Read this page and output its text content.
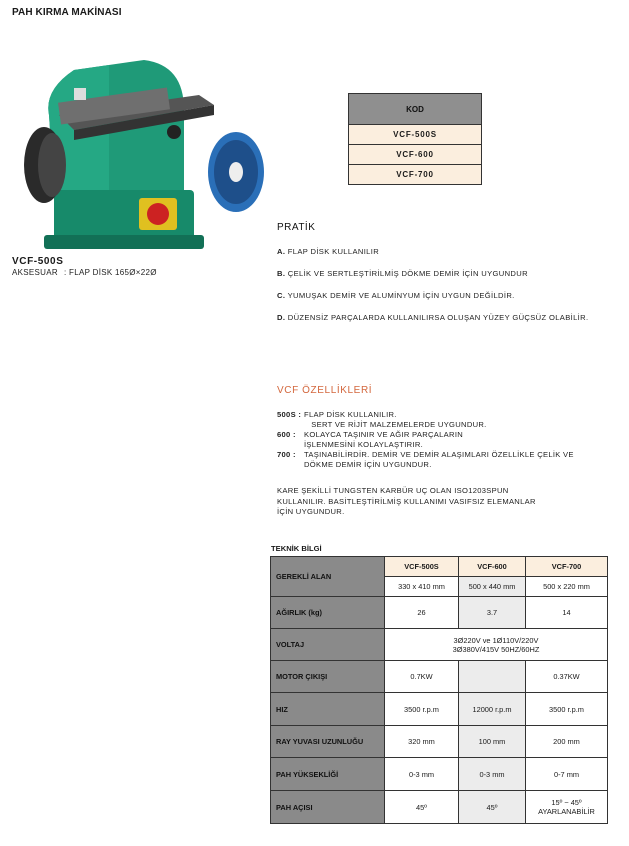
PAH KIRMA MAKİNASI
VCF-500S
AKSESUAR : FLAP DİSK 165Ø×22Ø
KOD
VCF-500S
VCF-600
VCF-700
PRATİK
A. FLAP DİSK KULLANILIR
B. ÇELİK VE SERTLEŞTİRİLMİŞ DÖKME DEMİR İÇİN UYGUNDUR
C. YUMUŞAK DEMİR VE ALUMİNYUM İÇİN UYGUN DEĞİLDİR.
D. DÜZENSİZ PARÇALARDA KULLANILIRSA OLUŞAN YÜZEY GÜÇSÜZ OLABİLİR.
VCF ÖZELLİKLERİ
500S : FLAP DİSK KULLANILIR.
SERT VE RİJİT MALZEMELERDE UYGUNDUR.
600 :	KOLAYCA TAŞINIR VE AĞIR PARÇALARIN
İŞLENMESİNİ KOLAYLAŞTIRIR.
700 :	TAŞINABİLİRDİR. DEMİR VE DEMİR ALAŞIMLARI ÖZELLİKLE ÇELİK VE
DÖKME DEMİR İÇİN UYGUNDUR.
KARE ŞEKİLLİ TUNGSTEN KARBÜR UÇ OLAN ISO1203SPUN
KULLANILIR. BASİTLEŞTİRİLMİŞ KULLANIMI VASIFSIZ ELEMANLAR
İÇİN UYGUNDUR.
TEKNİK BİLGİ
GEREKLİ ALAN	VCF-500S	VCF-600	VCF-700
	330 x 410 mm	500 x 440 mm	500 x 220 mm
AĞIRLIK (kg)	26	3.7	14
VOLTAJ	3Ø220V ve 1Ø110V/220V
3Ø380V/415V 50HZ/60HZ		
MOTOR ÇIKIŞI	0.7KW		0.37KW
HIZ	3500 r.p.m	12000 r.p.m	3500 r.p.m
RAY YUVASI UZUNLUĞU	320 mm	100 mm	200 mm
PAH YÜKSEKLİĞİ	0-3 mm	0-3 mm	0-7 mm
PAH AÇISI	45º	45º	15º ~ 45º
AYARLANABİLİR
